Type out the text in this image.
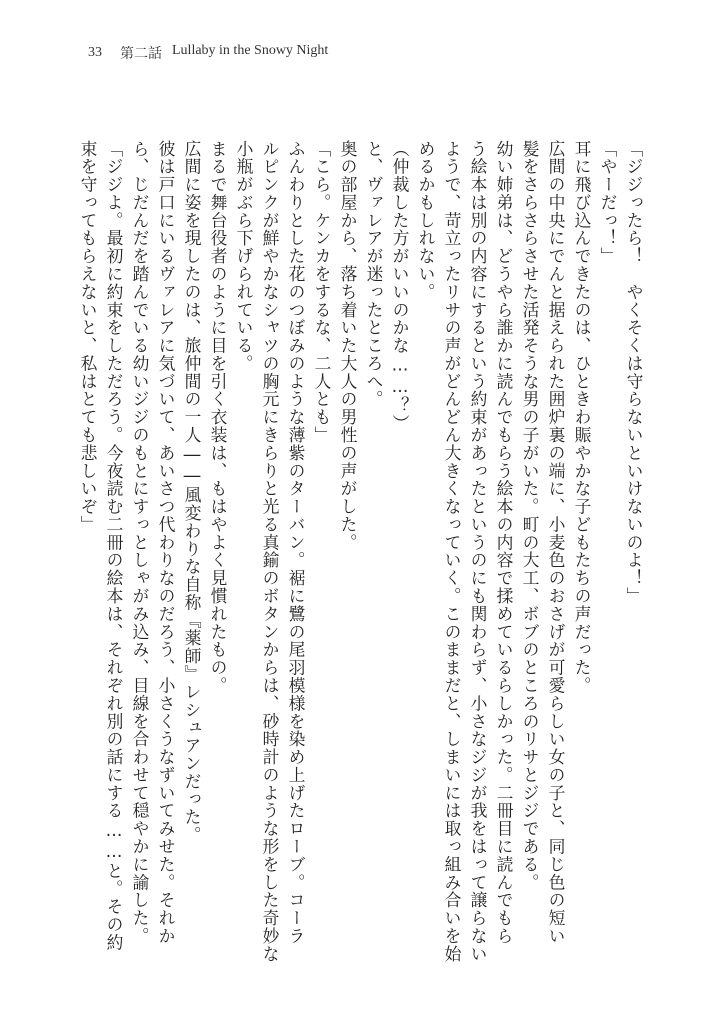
33 第二話 Lullaby in the Snowy Night
「ジジったら！　やくそくは守らないといけないのよ！」
「やーだっ！」
耳に飛び込んできたのは、ひときわ賑やかな子どもたちの声だった。
広間の中央にでんと据えられた囲炉裏の端に、小麦色のおさげが可愛らしい女の子と、同じ色の短い
髪をさらさらさせた活発そうな男の子がいた。町の大工、ボブのところのリサとジジである。
幼い姉弟は、どうやら誰かに読んでもらう絵本の内容で揉めているらしかった。二冊目に読んでもら
う絵本は別の内容にするという約束があったというのにも関わらず、小さなジジが我をはって譲らない
ようで、苛立ったリサの声がどんどん大きくなっていく。このままだと、しまいには取っ組み合いを始
めるかもしれない。
（仲裁した方がいいのかな……？）
と、ヴァレアが迷ったところへ。
奥の部屋から、落ち着いた大人の男性の声がした。
「こら。ケンカをするな、二人とも」
ふんわりとした花のつぼみのような薄紫のターバン。裾に鷺の尾羽模様を染め上げたローブ。コーラ
ルピンクが鮮やかなシャツの胸元にきらりと光る真鍮のボタンからは、砂時計のような形をした奇妙な
小瓶がぶら下げられている。
まるで舞台役者のように目を引く衣装は、もはやよく見慣れたもの。
広間に姿を現したのは、旅仲間の一人――風変わりな自称『薬師』レシュアンだった。
彼は戸口にいるヴァレアに気づいて、あいさつ代わりなのだろう、小さくうなずいてみせた。それか
ら、じだんだを踏んでいる幼いジジのもとにすっとしゃがみ込み、目線を合わせて穏やかに諭した。
「ジジよ。最初に約束をしただろう。今夜読む二冊の絵本は、それぞれ別の話にする……と。その約
束を守ってもらえないと、私はとても悲しいぞ」
